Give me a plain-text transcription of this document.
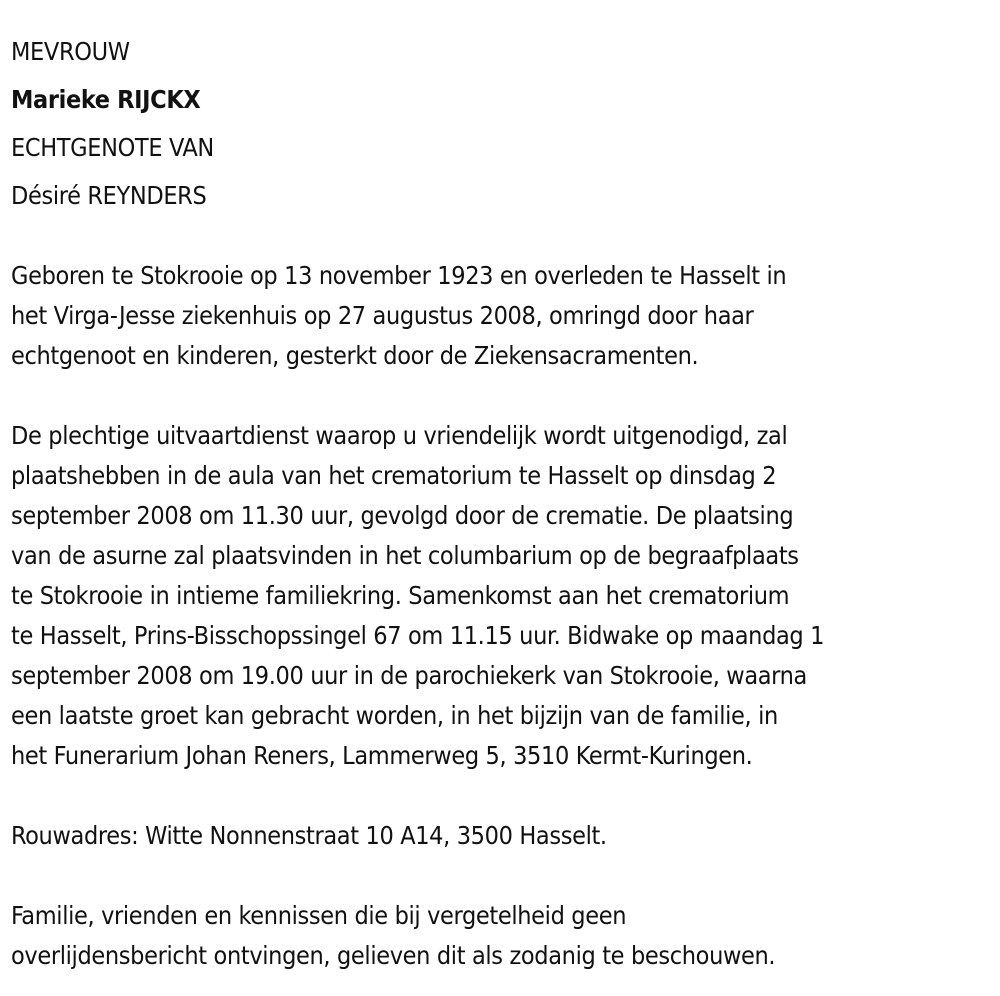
MEVROUW
Marieke RIJCKX
ECHTGENOTE VAN
Désiré REYNDERS
Geboren te Stokrooie op 13 november 1923 en overleden te Hasselt in
het Virga-Jesse ziekenhuis op 27 augustus 2008, omringd door haar
echtgenoot en kinderen, gesterkt door de Ziekensacramenten.
De plechtige uitvaartdienst waarop u vriendelijk wordt uitgenodigd, zal
plaatshebben in de aula van het crematorium te Hasselt op dinsdag 2
september 2008 om 11.30 uur, gevolgd door de crematie. De plaatsing
van de asurne zal plaatsvinden in het columbarium op de begraafplaats
te Stokrooie in intieme familiekring. Samenkomst aan het crematorium
te Hasselt, Prins-Bisschopssingel 67 om 11.15 uur. Bidwake op maandag 1
september 2008 om 19.00 uur in de parochiekerk van Stokrooie, waarna
een laatste groet kan gebracht worden, in het bijzijn van de familie, in
het Funerarium Johan Reners, Lammerweg 5, 3510 Kermt-Kuringen.
Rouwadres: Witte Nonnenstraat 10 A14, 3500 Hasselt.
Familie, vrienden en kennissen die bij vergetelheid geen
overlijdensbericht ontvingen, gelieven dit als zodanig te beschouwen.
